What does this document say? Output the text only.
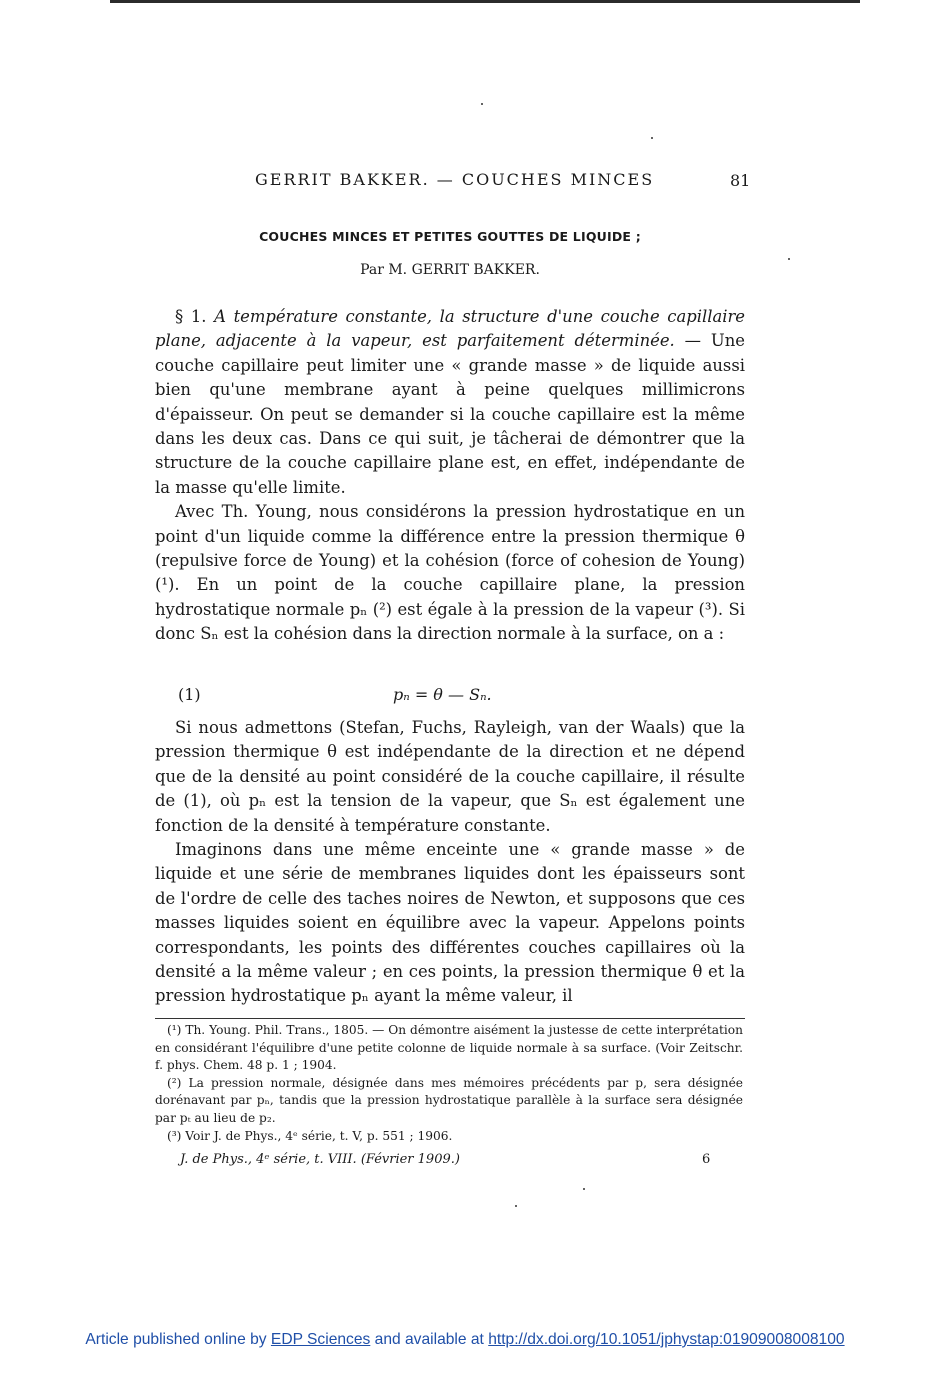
GERRIT BAKKER. — COUCHES MINCES	81
COUCHES MINCES ET PETITES GOUTTES DE LIQUIDE ;
Par M. GERRIT BAKKER.

§ 1. A température constante, la structure d'une couche capillaire plane, adjacente à la vapeur, est parfaitement déterminée. — Une couche capillaire peut limiter une « grande masse » de liquide aussi bien qu'une membrane ayant à peine quelques millimicrons d'épaisseur. On peut se demander si la couche capillaire est la même dans les deux cas. Dans ce qui suit, je tâcherai de démontrer que la structure de la couche capillaire plane est, en effet, indépendante de la masse qu'elle limite.

Avec Th. Young, nous considérons la pression hydrostatique en un point d'un liquide comme la différence entre la pression thermique θ (repulsive force de Young) et la cohésion (force of cohesion de Young) (¹). En un point de la couche capillaire plane, la pression hydrostatique normale pₙ (²) est égale à la pression de la vapeur (³). Si donc Sₙ est la cohésion dans la direction normale à la surface, on a :

(1)	pₙ = θ — Sₙ.

Si nous admettons (Stefan, Fuchs, Rayleigh, van der Waals) que la pression thermique θ est indépendante de la direction et ne dépend que de la densité au point considéré de la couche capillaire, il résulte de (1), où pₙ est la tension de la vapeur, que Sₙ est également une fonction de la densité à température constante.

Imaginons dans une même enceinte une « grande masse » de liquide et une série de membranes liquides dont les épaisseurs sont de l'ordre de celle des taches noires de Newton, et supposons que ces masses liquides soient en équilibre avec la vapeur. Appelons points correspondants, les points des différentes couches capillaires où la densité a la même valeur ; en ces points, la pression thermique θ et la pression hydrostatique pₙ ayant la même valeur, il

(¹) Th. Young. Phil. Trans., 1805. — On démontre aisément la justesse de cette interprétation en considérant l'équilibre d'une petite colonne de liquide normale à sa surface. (Voir Zeitschr. f. phys. Chem. 48 p. 1 ; 1904.

(²) La pression normale, désignée dans mes mémoires précédents par p, sera désignée dorénavant par pₙ, tandis que la pression hydrostatique parallèle à la surface sera désignée par pₜ au lieu de p₂.

(³) Voir J. de Phys., 4ᵉ série, t. V, p. 551 ; 1906.

J. de Phys., 4ᵉ série, t. VIII. (Février 1909.)	6
Article published online by EDP Sciences and available at http://dx.doi.org/10.1051/jphystap:01909008008100
